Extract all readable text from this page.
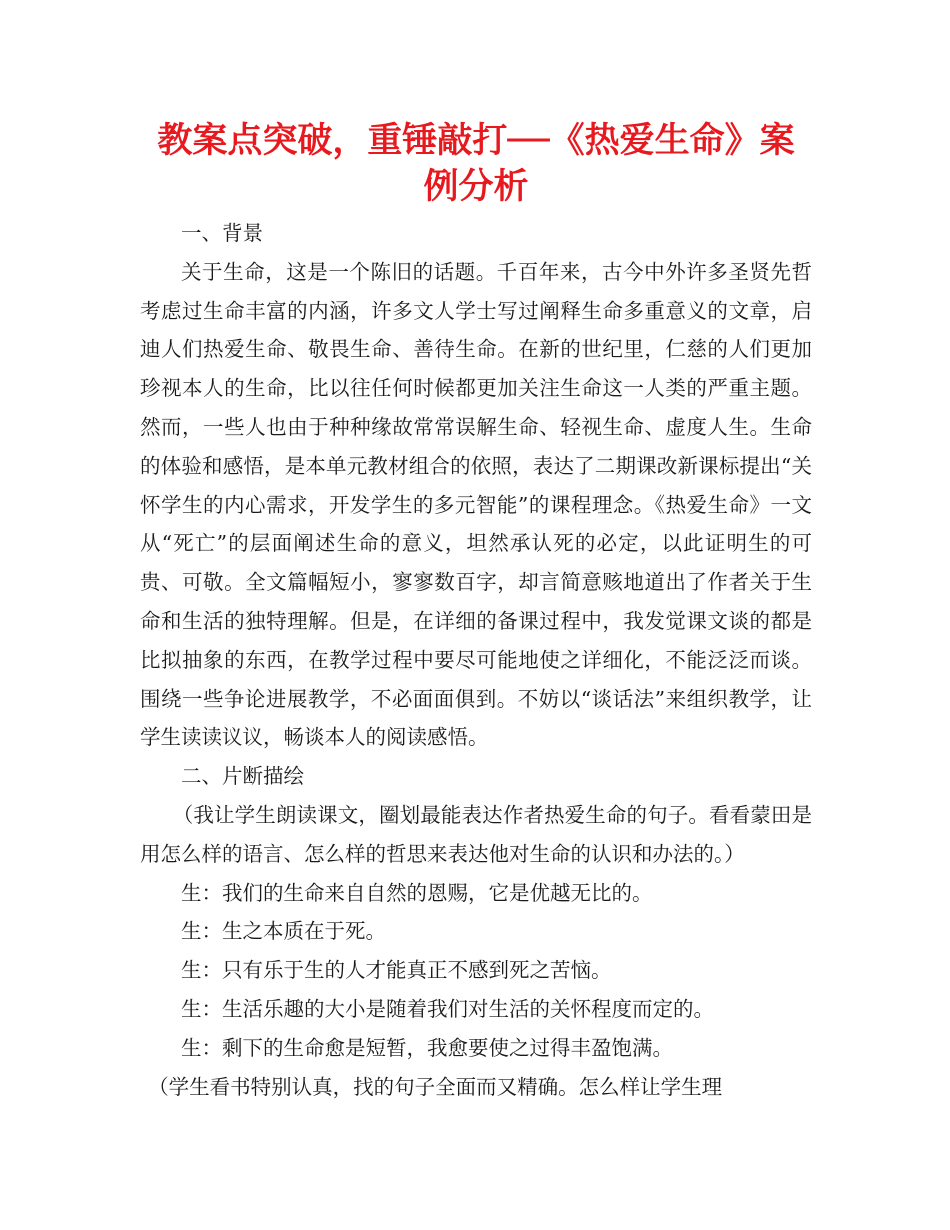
教案点突破，重锤敲打──《热爱生命》案例分析

一、背景

关于生命，这是一个陈旧的话题。千百年来，古今中外许多圣贤先哲考虑过生命丰富的内涵，许多文人学士写过阐释生命多重意义的文章，启迪人们热爱生命、敬畏生命、善待生命。在新的世纪里，仁慈的人们更加珍视本人的生命，比以往任何时候都更加关注生命这一人类的严重主题。然而，一些人也由于种种缘故常常误解生命、轻视生命、虚度人生。生命的体验和感悟，是本单元教材组合的依照，表达了二期课改新课标提出“关怀学生的内心需求，开发学生的多元智能”的课程理念。《热爱生命》一文从“死亡”的层面阐述生命的意义，坦然承认死的必定，以此证明生的可贵、可敬。全文篇幅短小，寥寥数百字，却言简意赅地道出了作者关于生命和生活的独特理解。但是，在详细的备课过程中，我发觉课文谈的都是比拟抽象的东西，在教学过程中要尽可能地使之详细化，不能泛泛而谈。围绕一些争论进展教学，不必面面俱到。不妨以“谈话法”来组织教学，让学生读读议议，畅谈本人的阅读感悟。

二、片断描绘

（我让学生朗读课文，圈划最能表达作者热爱生命的句子。看看蒙田是用怎么样的语言、怎么样的哲思来表达他对生命的认识和办法的。）

生：我们的生命来自自然的恩赐，它是优越无比的。

生：生之本质在于死。

生：只有乐于生的人才能真正不感到死之苦恼。

生：生活乐趣的大小是随着我们对生活的关怀程度而定的。

生：剩下的生命愈是短暂，我愈要使之过得丰盈饱满。

（学生看书特别认真，找的句子全面而又精确。怎么样让学生理
